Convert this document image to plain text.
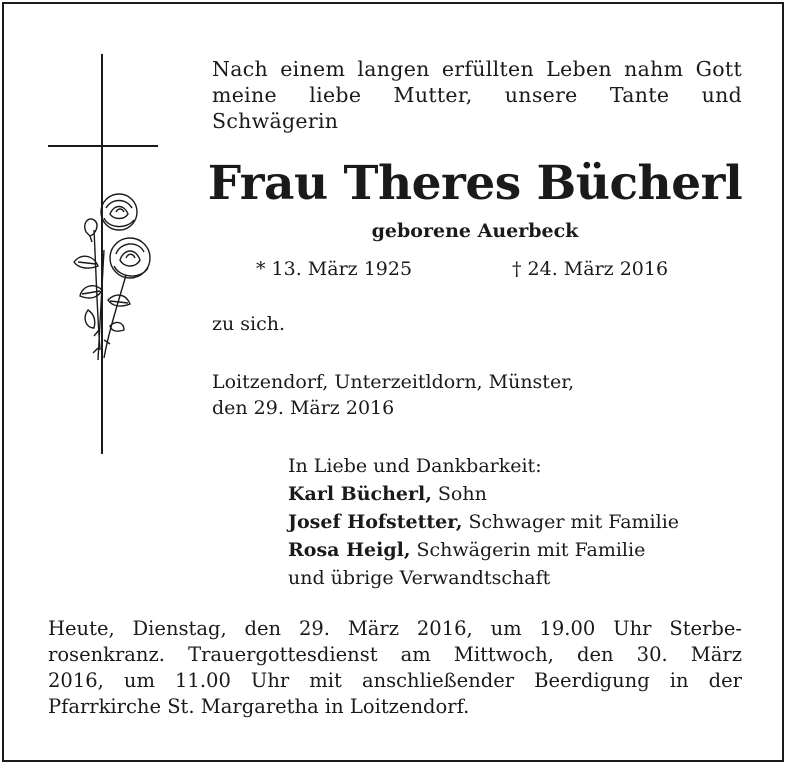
Nach einem langen erfüllten Leben nahm Gott meine liebe Mutter, unsere Tante und Schwägerin
Frau Theres Bücherl
geborene Auerbeck
* 13. März 1925	† 24. März 2016
zu sich.
Loitzendorf, Unterzeitldorn, Münster,
den 29. März 2016
In Liebe und Dankbarkeit:
Karl Bücherl, Sohn
Josef Hofstetter, Schwager mit Familie
Rosa Heigl, Schwägerin mit Familie
und übrige Verwandtschaft
Heute, Dienstag, den 29. März 2016, um 19.00 Uhr Sterbe-
rosenkranz. Trauergottesdienst am Mittwoch, den 30. März
2016, um 11.00 Uhr mit anschließender Beerdigung in der
Pfarrkirche St. Margaretha in Loitzendorf.
